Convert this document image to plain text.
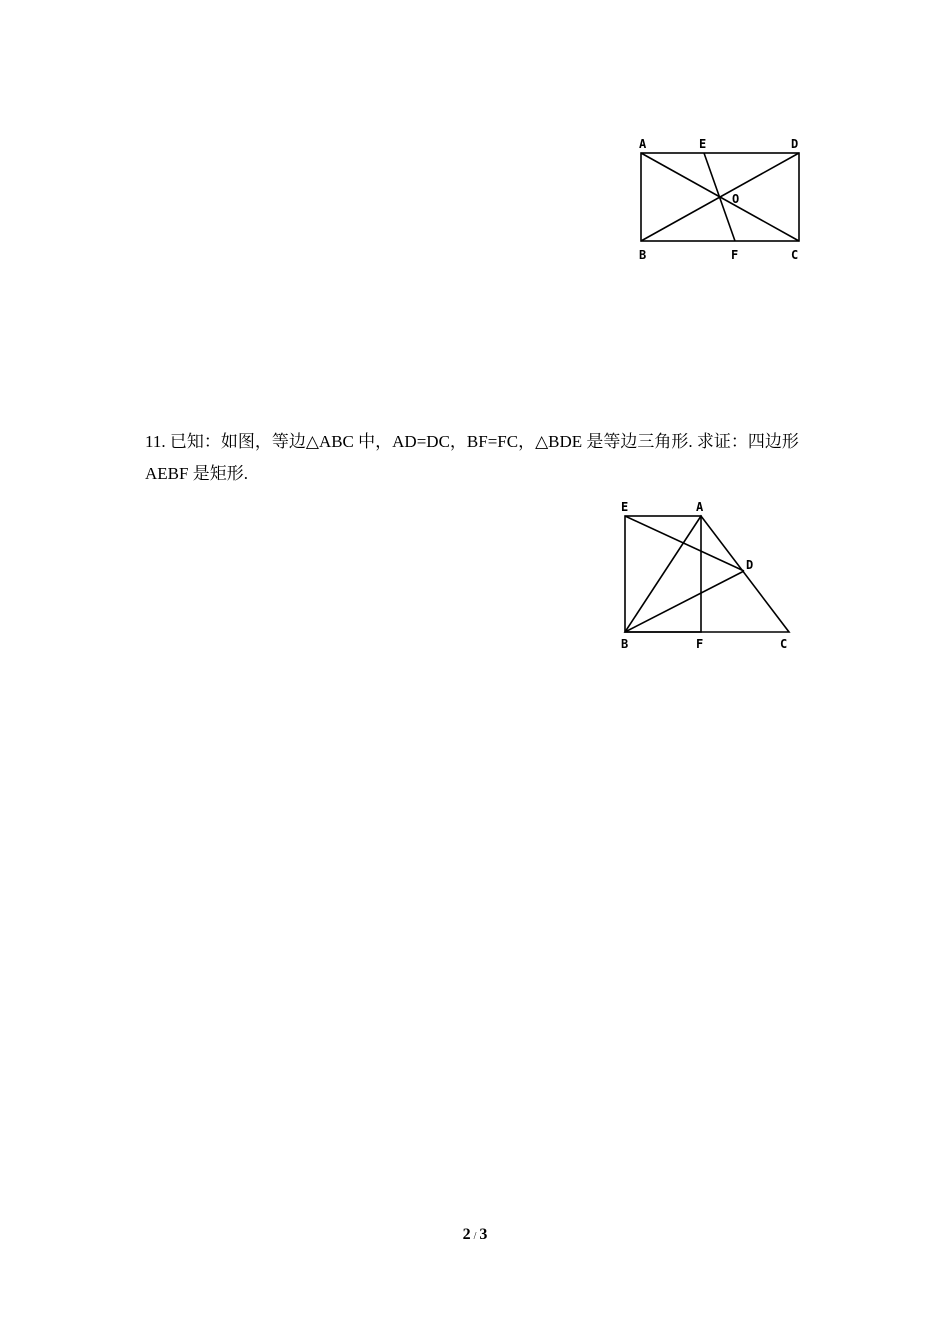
A	E	D
O
B	F	C
11. 已知：如图，等边△ABC 中，AD=DC，BF=FC，△BDE 是等边三角形. 求证：四边形 AEBF 是矩形.
E	A
D
B	F	C
2 / 3
